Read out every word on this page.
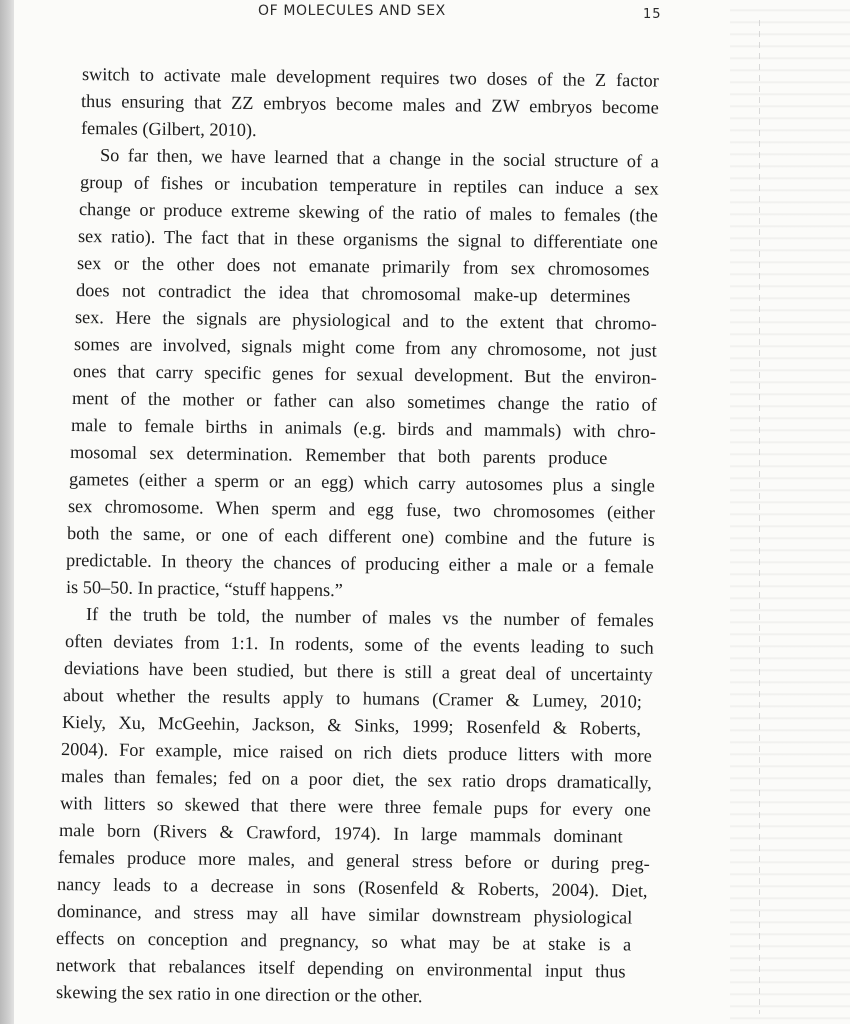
OF MOLECULES AND SEX	15
switch to activate male development requires two doses of the Z factor
thus ensuring that ZZ embryos become males and ZW embryos become
females (Gilbert, 2010).
So far then, we have learned that a change in the social structure of a
group of fishes or incubation temperature in reptiles can induce a sex
change or produce extreme skewing of the ratio of males to females (the
sex ratio). The fact that in these organisms the signal to differentiate one
sex or the other does not emanate primarily from sex chromosomes
does not contradict the idea that chromosomal make-up determines
sex. Here the signals are physiological and to the extent that chromo-
somes are involved, signals might come from any chromosome, not just
ones that carry specific genes for sexual development. But the environ-
ment of the mother or father can also sometimes change the ratio of
male to female births in animals (e.g. birds and mammals) with chro-
mosomal sex determination. Remember that both parents produce
gametes (either a sperm or an egg) which carry autosomes plus a single
sex chromosome. When sperm and egg fuse, two chromosomes (either
both the same, or one of each different one) combine and the future is
predictable. In theory the chances of producing either a male or a female
is 50–50. In practice, “stuff happens.”
If the truth be told, the number of males vs the number of females
often deviates from 1:1. In rodents, some of the events leading to such
deviations have been studied, but there is still a great deal of uncertainty
about whether the results apply to humans (Cramer & Lumey, 2010;
Kiely, Xu, McGeehin, Jackson, & Sinks, 1999; Rosenfeld & Roberts,
2004). For example, mice raised on rich diets produce litters with more
males than females; fed on a poor diet, the sex ratio drops dramatically,
with litters so skewed that there were three female pups for every one
male born (Rivers & Crawford, 1974). In large mammals dominant
females produce more males, and general stress before or during preg-
nancy leads to a decrease in sons (Rosenfeld & Roberts, 2004). Diet,
dominance, and stress may all have similar downstream physiological
effects on conception and pregnancy, so what may be at stake is a
network that rebalances itself depending on environmental input thus
skewing the sex ratio in one direction or the other.
